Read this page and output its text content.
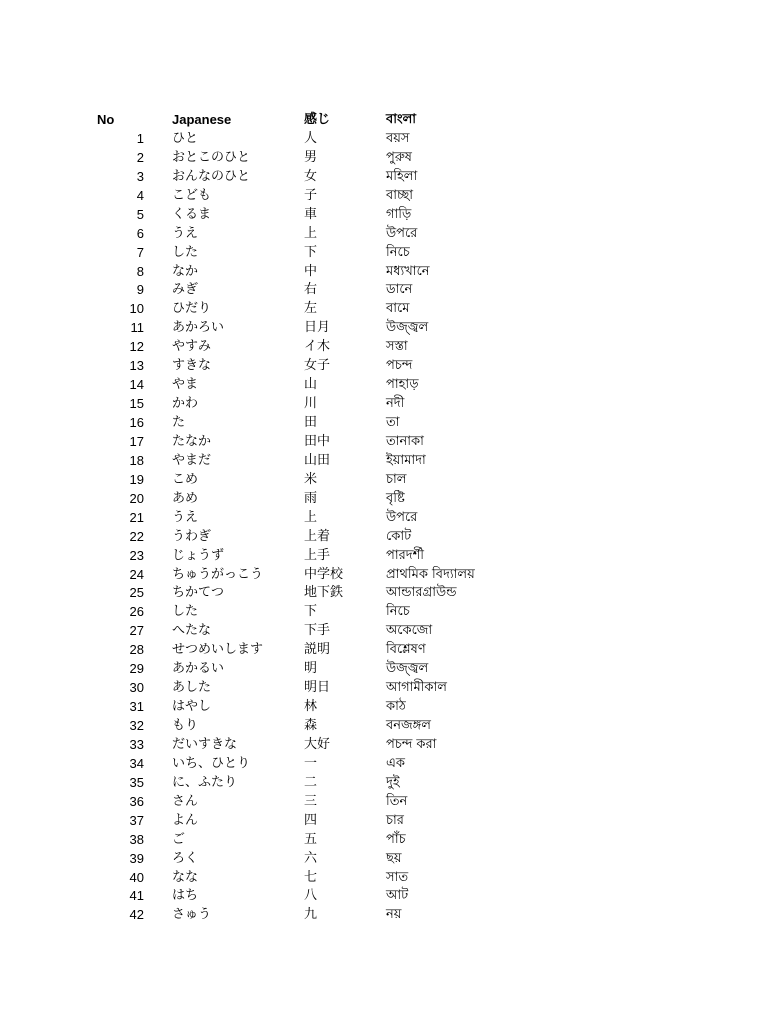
No	Japanese	感じ	বাংলা
1 ひと	人	বয়স
2 おとこのひと	男	পুরুষ
3 おんなのひと	女	মহিলা
4 こども	子	বাচ্ছা
5 くるま	車	গাড়ি
6 うえ	上	উপরে
7 した	下	নিচে
8 なか	中	মধ্যখানে
9 みぎ	右	ডানে
10 ひだり	左	বামে
11 あかろい	日月	উজ্জ্বল
12 やすみ	イ木	সস্তা
13 すきな	女子	পচন্দ
14 やま	山	পাহাড়
15 かわ	川	নদী
16 た	田	তা
17 たなか	田中	তানাকা
18 やまだ	山田	ইয়ামাদা
19 こめ	米	চাল
20 あめ	雨	বৃষ্টি
21 うえ	上	উপরে
22 うわぎ	上着	কোট
23 じょうず	上手	পারদর্শী
24 ちゅうがっこう	中学校	প্রাথমিক বিদ্যালয়
25 ちかてつ	地下鉄	আন্ডারগ্রাউন্ড
26 した	下	নিচে
27 へたな	下手	অকেজো
28 せつめいします	説明	বিশ্লেষণ
29 あかるい	明	উজ্জ্বল
30 あした	明日	আগামীকাল
31 はやし	林	কাঠ
32 もり	森	বনজঙ্গল
33 だいすきな	大好	পচন্দ করা
34 いち、ひとり	一	এক
35 に、ふたり	二	দুই
36 さん	三	তিন
37 よん	四	চার
38 ご	五	পাঁচ
39 ろく	六	ছয়
40 なな	七	সাত
41 はち	八	আট
42 さゅう	九	নয়
